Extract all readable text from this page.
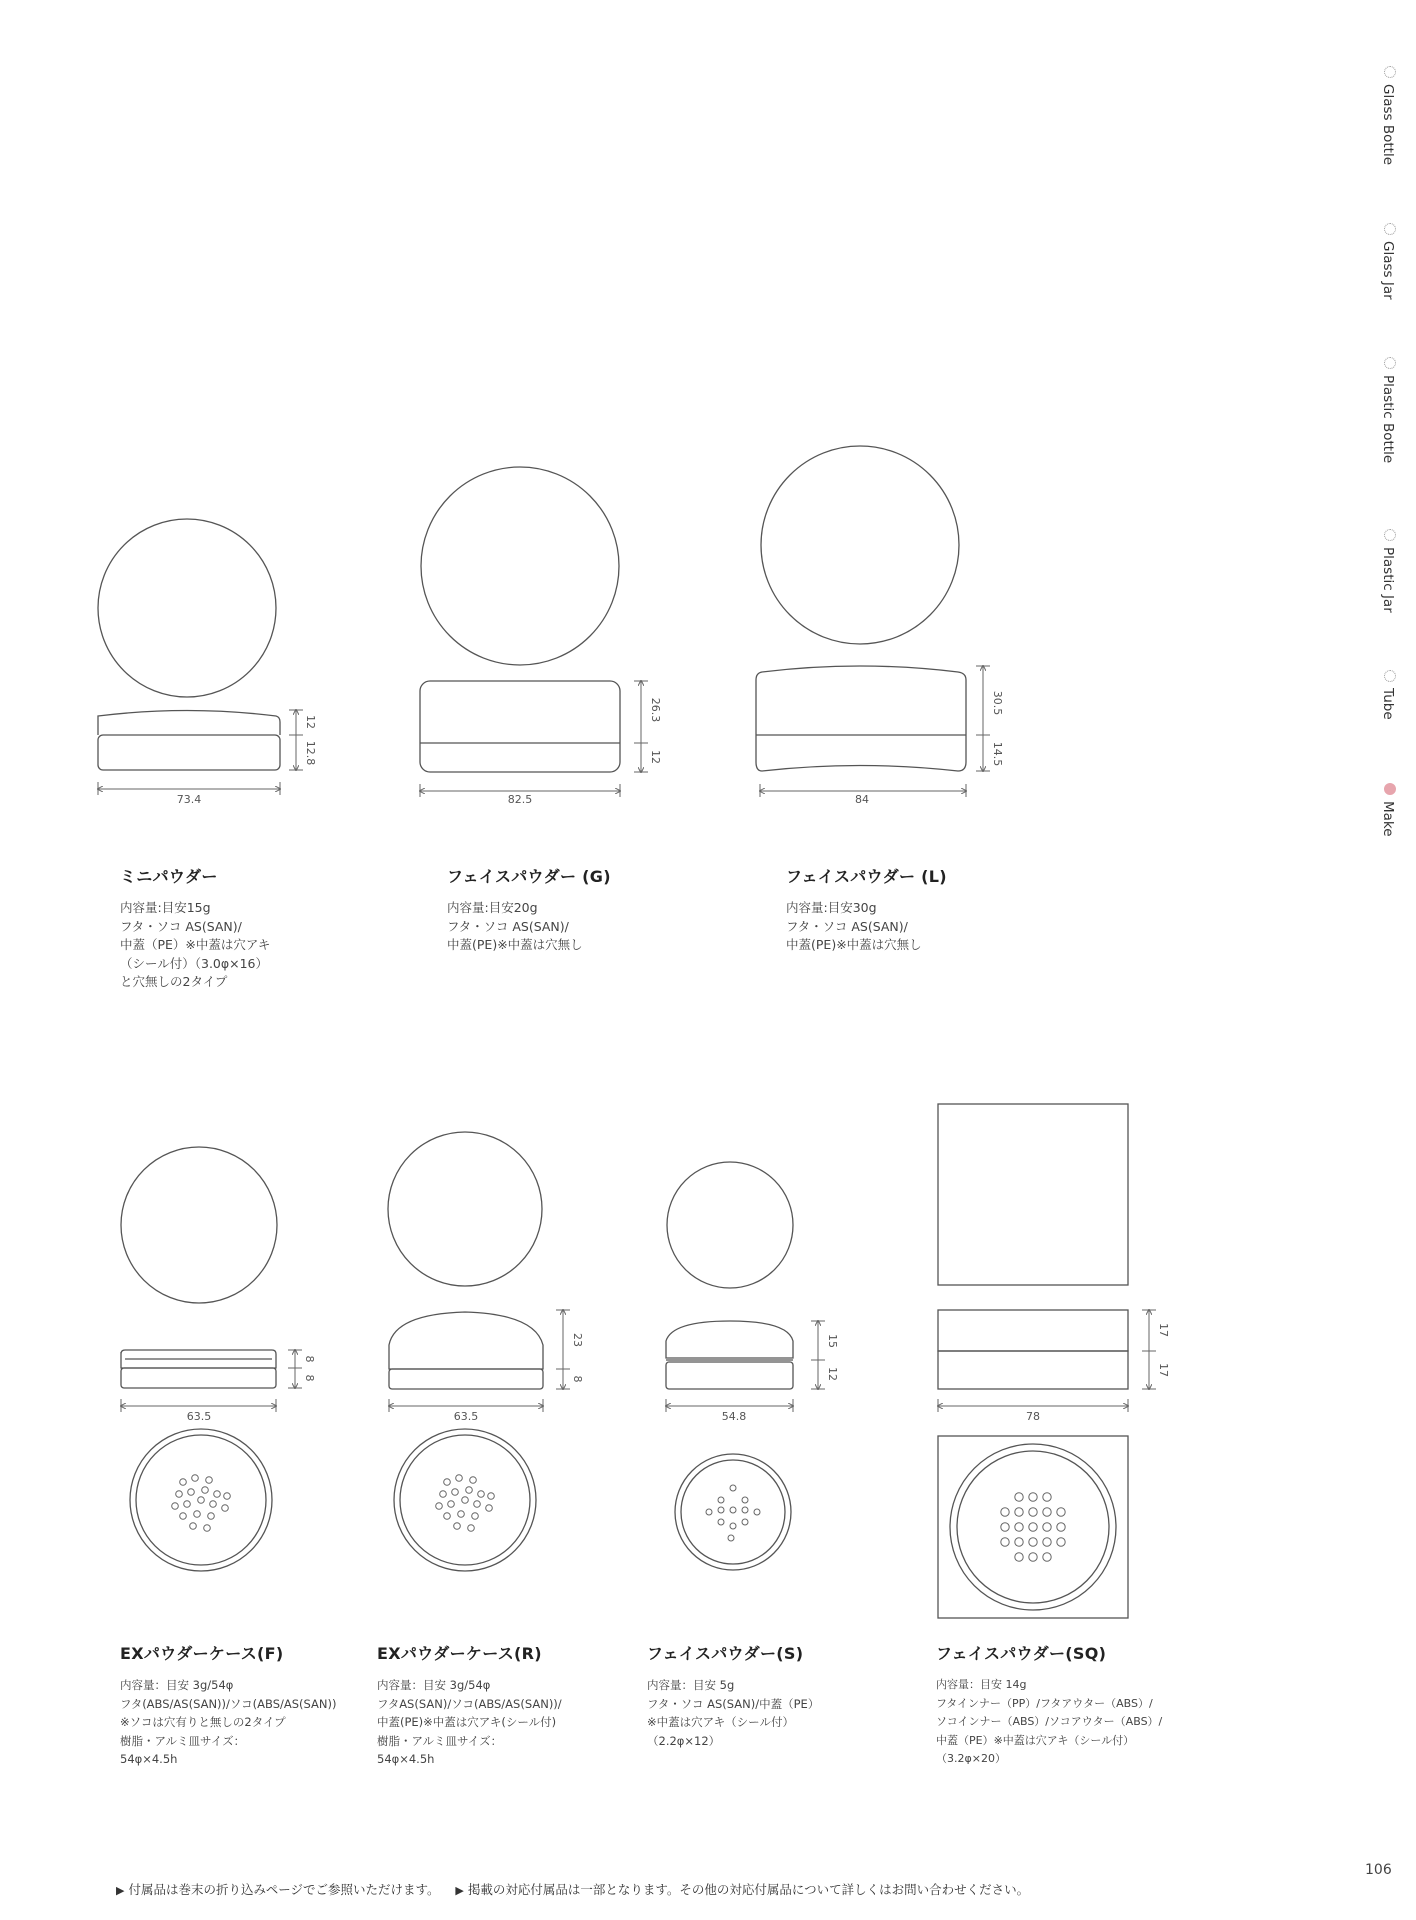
73.4
12
12.8
82.5
26.3
12
84
30.5
14.5
63.5
8
8
63.5
23
8
54.8
15
12
78
17
17
ミニパウダー
内容量:目安15g
フタ・ソコ AS(SAN)/
中蓋（PE）※中蓋は穴アキ
（シール付）（3.0φ×16）
と穴無しの2タイプ
フェイスパウダー (G)
内容量:目安20g
フタ・ソコ AS(SAN)/
中蓋(PE)※中蓋は穴無し
フェイスパウダー (L)
内容量:目安30g
フタ・ソコ AS(SAN)/
中蓋(PE)※中蓋は穴無し
EXパウダーケース(F)
内容量：目安 3g/54φ
フタ(ABS/AS(SAN))/ソコ(ABS/AS(SAN))
※ソコは穴有りと無しの2タイプ
樹脂・アルミ皿サイズ：
54φ×4.5h
EXパウダーケース(R)
内容量：目安 3g/54φ
フタAS(SAN)/ソコ(ABS/AS(SAN))/
中蓋(PE)※中蓋は穴アキ(シール付)
樹脂・アルミ皿サイズ：
54φ×4.5h
フェイスパウダー(S)
内容量：目安 5g
フタ・ソコ AS(SAN)/中蓋（PE）
※中蓋は穴アキ（シール付）
（2.2φ×12）
フェイスパウダー(SQ)
内容量：目安 14g
フタインナー（PP）/フタアウター（ABS）/
ソコインナー（ABS）/ソコアウター（ABS）/
中蓋（PE）※中蓋は穴アキ（シール付）
（3.2φ×20）
Glass Bottle
Glass Jar
Plastic Bottle
Plastic Jar
Tube
Make
106
▶ 付属品は巻末の折り込みページでご参照いただけます。 ▶ 掲載の対応付属品は一部となります。その他の対応付属品について詳しくはお問い合わせください。
